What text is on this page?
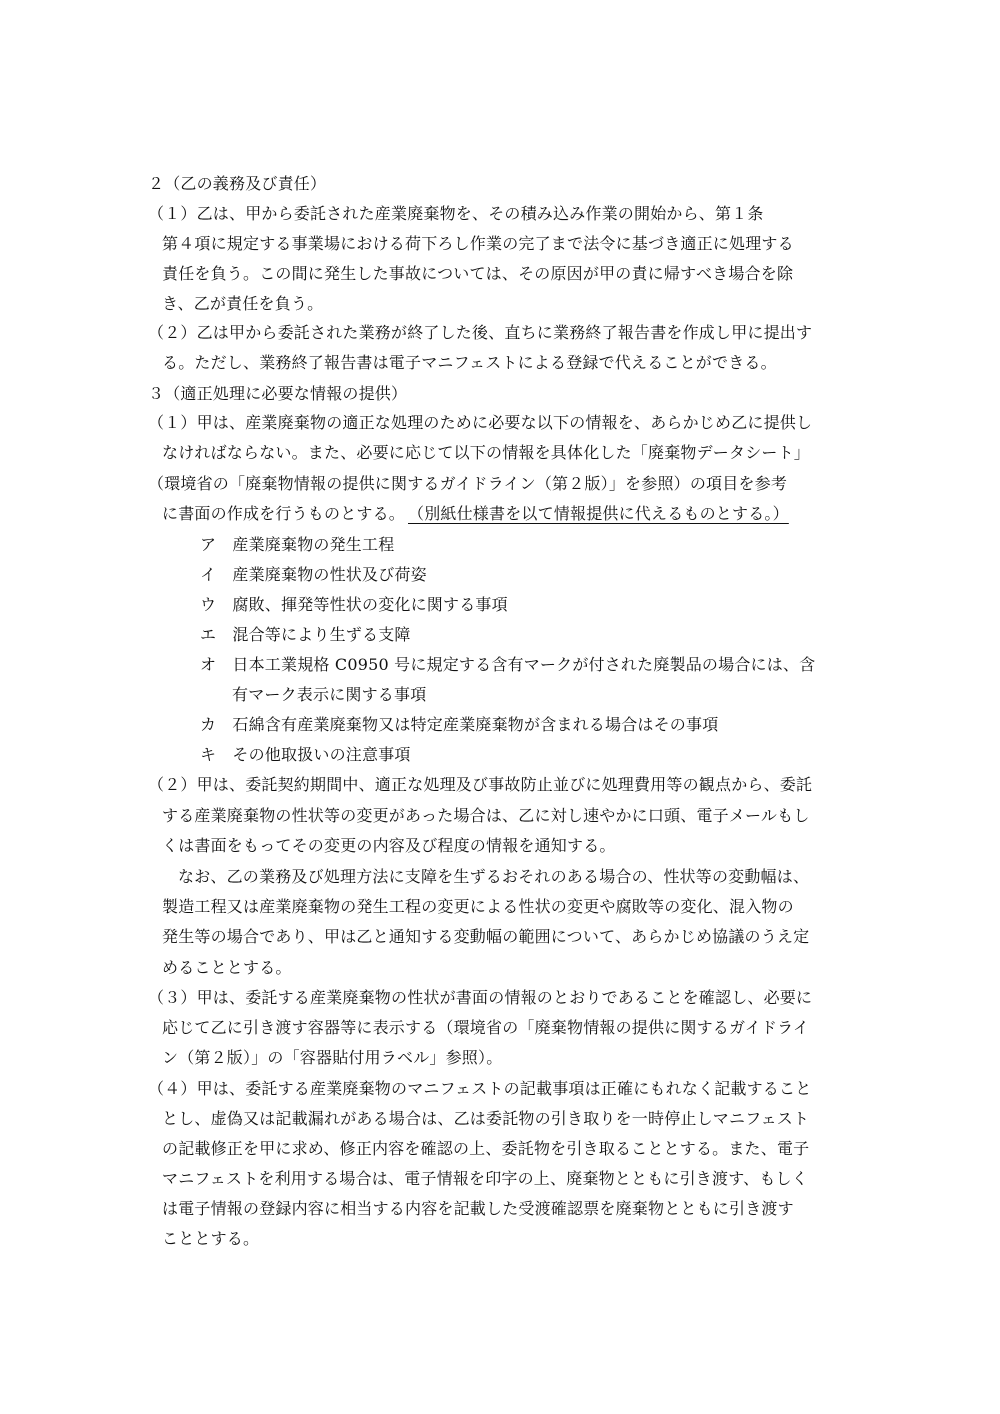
２（乙の義務及び責任）
（１）乙は、甲から委託された産業廃棄物を、その積み込み作業の開始から、第１条
第４項に規定する事業場における荷下ろし作業の完了まで法令に基づき適正に処理する
責任を負う。この間に発生した事故については、その原因が甲の責に帰すべき場合を除
き、乙が責任を負う。
（２）乙は甲から委託された業務が終了した後、直ちに業務終了報告書を作成し甲に提出す
る。ただし、業務終了報告書は電子マニフェストによる登録で代えることができる。
３（適正処理に必要な情報の提供）
（１）甲は、産業廃棄物の適正な処理のために必要な以下の情報を、あらかじめ乙に提供し
なければならない。また、必要に応じて以下の情報を具体化した「廃棄物データシート」
（環境省の「廃棄物情報の提供に関するガイドライン（第２版）」を参照）の項目を参考
に書面の作成を行うものとする。 （別紙仕様書を以て情報提供に代えるものとする。）
ア　産業廃棄物の発生工程
イ　産業廃棄物の性状及び荷姿
ウ　腐敗、揮発等性状の変化に関する事項
エ　混合等により生ずる支障
オ　日本工業規格 C0950 号に規定する含有マークが付された廃製品の場合には、含
有マーク表示に関する事項
カ　石綿含有産業廃棄物又は特定産業廃棄物が含まれる場合はその事項
キ　その他取扱いの注意事項
（２）甲は、委託契約期間中、適正な処理及び事故防止並びに処理費用等の観点から、委託
する産業廃棄物の性状等の変更があった場合は、乙に対し速やかに口頭、電子メールもし
くは書面をもってその変更の内容及び程度の情報を通知する。
なお、乙の業務及び処理方法に支障を生ずるおそれのある場合の、性状等の変動幅は、
製造工程又は産業廃棄物の発生工程の変更による性状の変更や腐敗等の変化、混入物の
発生等の場合であり、甲は乙と通知する変動幅の範囲について、あらかじめ協議のうえ定
めることとする。
（３）甲は、委託する産業廃棄物の性状が書面の情報のとおりであることを確認し、必要に
応じて乙に引き渡す容器等に表示する（環境省の「廃棄物情報の提供に関するガイドライ
ン（第２版）」の「容器貼付用ラベル」参照）。
（４）甲は、委託する産業廃棄物のマニフェストの記載事項は正確にもれなく記載すること
とし、虚偽又は記載漏れがある場合は、乙は委託物の引き取りを一時停止しマニフェスト
の記載修正を甲に求め、修正内容を確認の上、委託物を引き取ることとする。また、電子
マニフェストを利用する場合は、電子情報を印字の上、廃棄物とともに引き渡す、もしく
は電子情報の登録内容に相当する内容を記載した受渡確認票を廃棄物とともに引き渡す
こととする。
